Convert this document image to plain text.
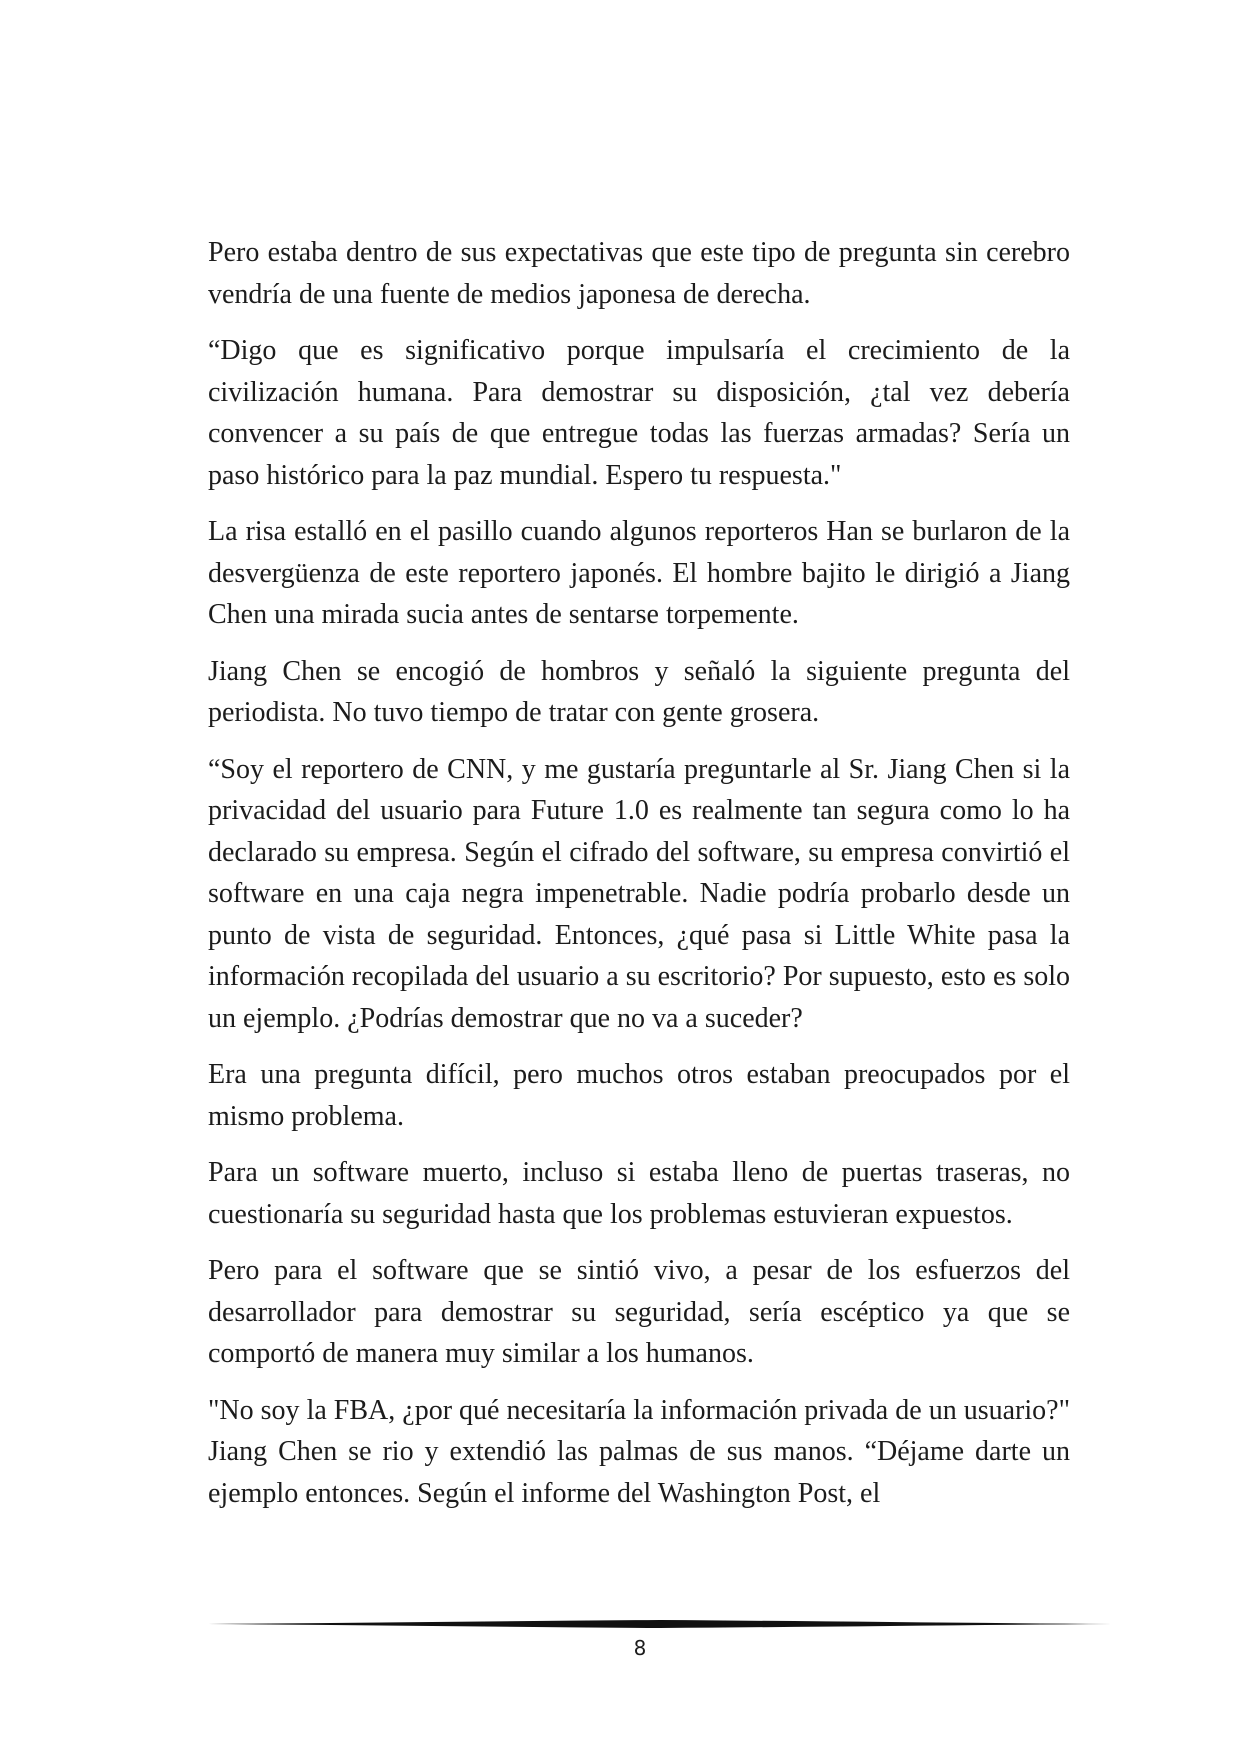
Pero estaba dentro de sus expectativas que este tipo de pregunta sin cerebro vendría de una fuente de medios japonesa de derecha.

“Digo que es significativo porque impulsaría el crecimiento de la civilización humana. Para demostrar su disposición, ¿tal vez debería convencer a su país de que entregue todas las fuerzas armadas? Sería un paso histórico para la paz mundial. Espero tu respuesta."

La risa estalló en el pasillo cuando algunos reporteros Han se burlaron de la desvergüenza de este reportero japonés. El hombre bajito le dirigió a Jiang Chen una mirada sucia antes de sentarse torpemente.

Jiang Chen se encogió de hombros y señaló la siguiente pregunta del periodista. No tuvo tiempo de tratar con gente grosera.

“Soy el reportero de CNN, y me gustaría preguntarle al Sr. Jiang Chen si la privacidad del usuario para Future 1.0 es realmente tan segura como lo ha declarado su empresa. Según el cifrado del software, su empresa convirtió el software en una caja negra impenetrable. Nadie podría probarlo desde un punto de vista de seguridad. Entonces, ¿qué pasa si Little White pasa la información recopilada del usuario a su escritorio? Por supuesto, esto es solo un ejemplo. ¿Podrías demostrar que no va a suceder?

Era una pregunta difícil, pero muchos otros estaban preocupados por el mismo problema.

Para un software muerto, incluso si estaba lleno de puertas traseras, no cuestionaría su seguridad hasta que los problemas estuvieran expuestos.

Pero para el software que se sintió vivo, a pesar de los esfuerzos del desarrollador para demostrar su seguridad, sería escéptico ya que se comportó de manera muy similar a los humanos.

"No soy la FBA, ¿por qué necesitaría la información privada de un usuario?" Jiang Chen se rio y extendió las palmas de sus manos. “Déjame darte un ejemplo entonces. Según el informe del Washington Post, el

8
